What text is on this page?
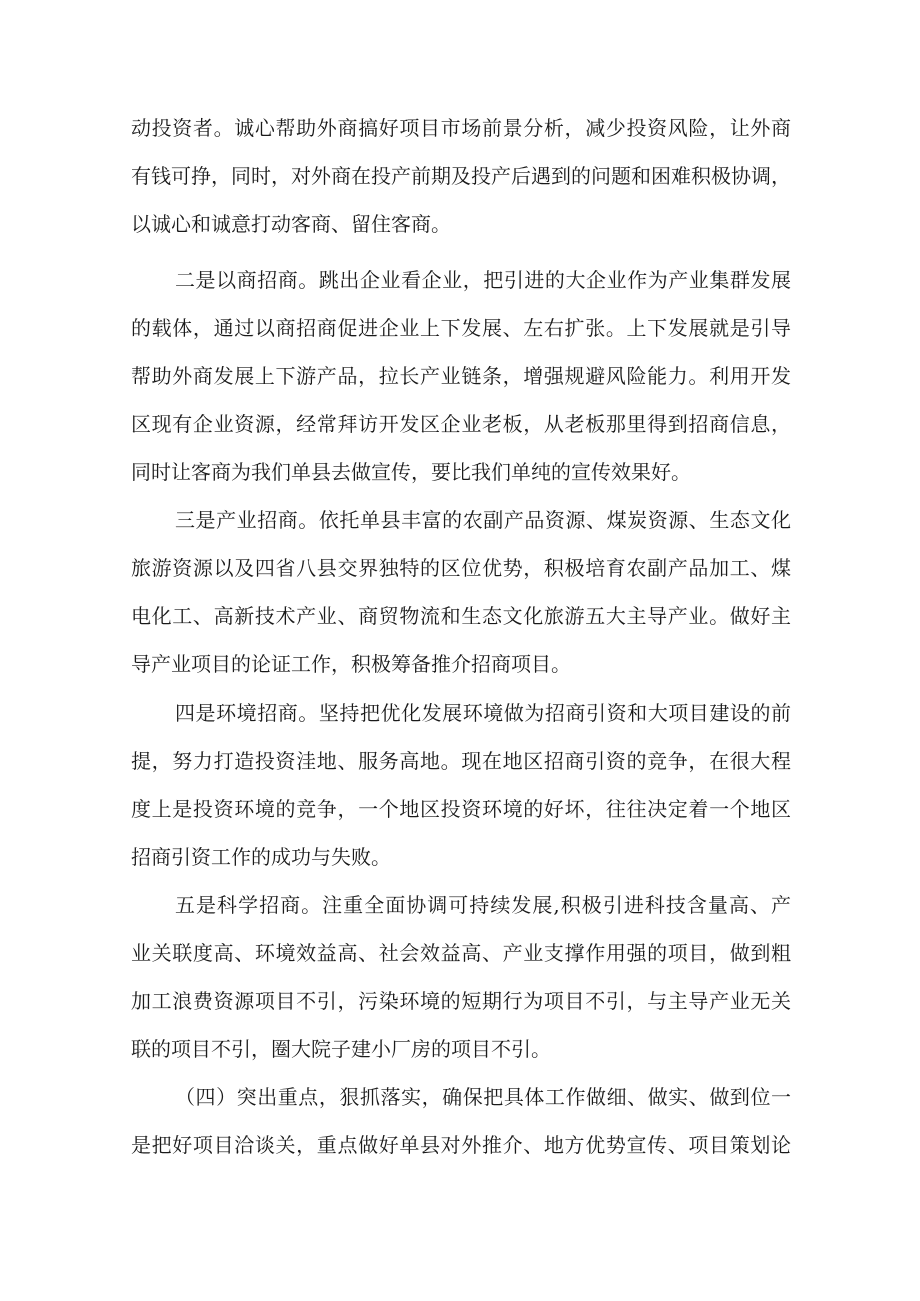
动投资者。诚心帮助外商搞好项目市场前景分析，减少投资风险，让外商
有钱可挣，同时，对外商在投产前期及投产后遇到的问题和困难积极协调，
以诚心和诚意打动客商、留住客商。
二是以商招商。跳出企业看企业，把引进的大企业作为产业集群发展
的载体，通过以商招商促进企业上下发展、左右扩张。上下发展就是引导
帮助外商发展上下游产品，拉长产业链条，增强规避风险能力。利用开发
区现有企业资源，经常拜访开发区企业老板，从老板那里得到招商信息，
同时让客商为我们单县去做宣传，要比我们单纯的宣传效果好。
三是产业招商。依托单县丰富的农副产品资源、煤炭资源、生态文化
旅游资源以及四省八县交界独特的区位优势，积极培育农副产品加工、煤
电化工、高新技术产业、商贸物流和生态文化旅游五大主导产业。做好主
导产业项目的论证工作，积极筹备推介招商项目。
四是环境招商。坚持把优化发展环境做为招商引资和大项目建设的前
提，努力打造投资洼地、服务高地。现在地区招商引资的竞争，在很大程
度上是投资环境的竞争，一个地区投资环境的好坏，往往决定着一个地区
招商引资工作的成功与失败。
五是科学招商。注重全面协调可持续发展,积极引进科技含量高、产
业关联度高、环境效益高、社会效益高、产业支撑作用强的项目，做到粗
加工浪费资源项目不引，污染环境的短期行为项目不引，与主导产业无关
联的项目不引，圈大院子建小厂房的项目不引。
（四）突出重点，狠抓落实，确保把具体工作做细、做实、做到位一
是把好项目洽谈关，重点做好单县对外推介、地方优势宣传、项目策划论
